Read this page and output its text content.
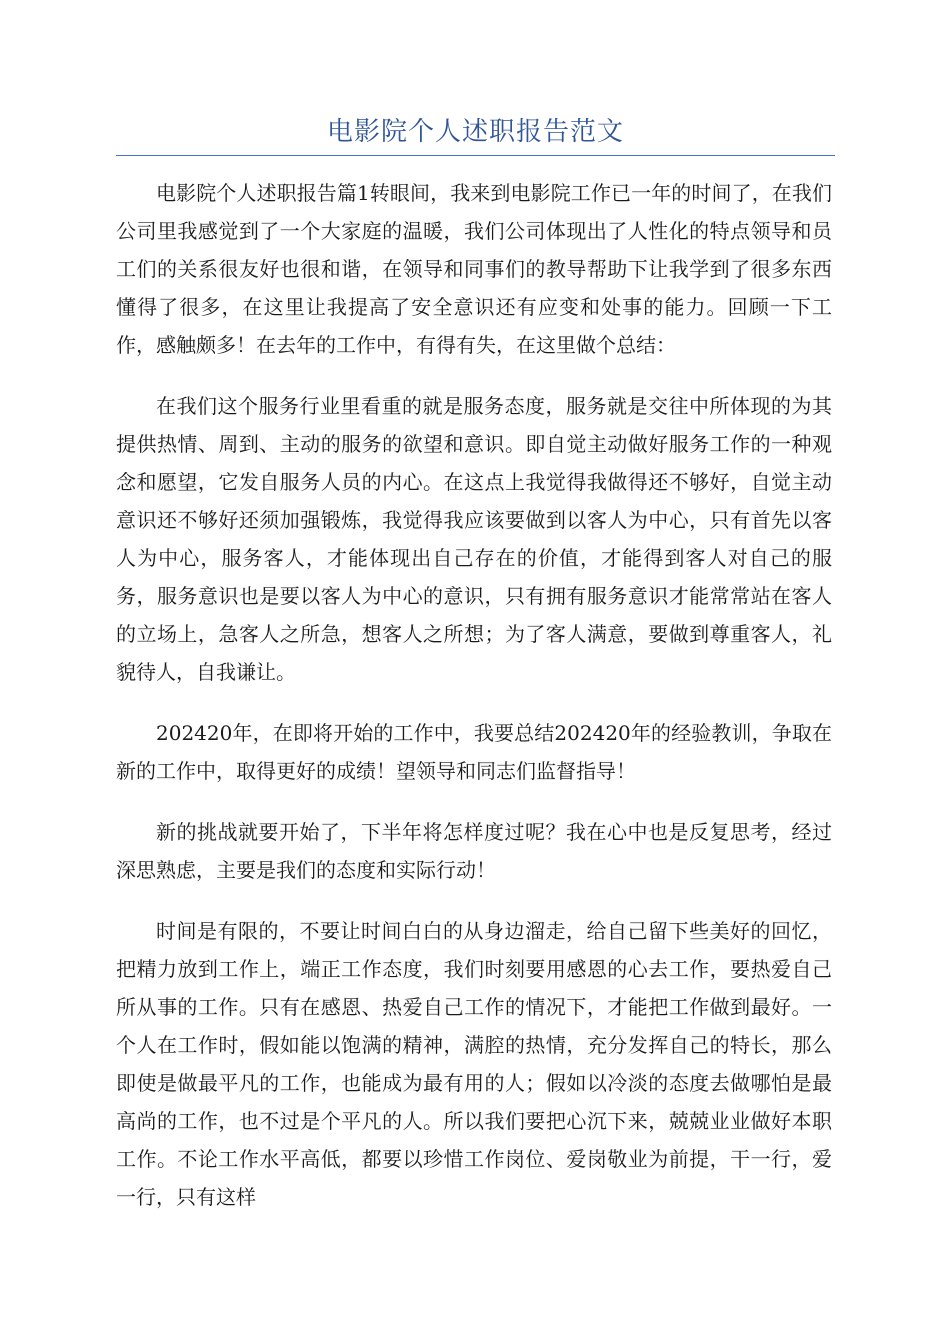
电影院个人述职报告范文

电影院个人述职报告篇1转眼间，我来到电影院工作已一年的时间了，在我们公司里我感觉到了一个大家庭的温暖，我们公司体现出了人性化的特点领导和员工们的关系很友好也很和谐，在领导和同事们的教导帮助下让我学到了很多东西懂得了很多，在这里让我提高了安全意识还有应变和处事的能力。回顾一下工作，感触颇多！在去年的工作中，有得有失，在这里做个总结：

在我们这个服务行业里看重的就是服务态度，服务就是交往中所体现的为其提供热情、周到、主动的服务的欲望和意识。即自觉主动做好服务工作的一种观念和愿望，它发自服务人员的内心。在这点上我觉得我做得还不够好，自觉主动意识还不够好还须加强锻炼，我觉得我应该要做到以客人为中心，只有首先以客人为中心，服务客人，才能体现出自己存在的价值，才能得到客人对自己的服务，服务意识也是要以客人为中心的意识，只有拥有服务意识才能常常站在客人的立场上，急客人之所急，想客人之所想；为了客人满意，要做到尊重客人，礼貌待人，自我谦让。

202420年，在即将开始的工作中，我要总结202420年的经验教训，争取在新的工作中，取得更好的成绩！望领导和同志们监督指导！

新的挑战就要开始了，下半年将怎样度过呢？我在心中也是反复思考，经过深思熟虑，主要是我们的态度和实际行动！

时间是有限的，不要让时间白白的从身边溜走，给自己留下些美好的回忆，把精力放到工作上，端正工作态度，我们时刻要用感恩的心去工作，要热爱自己所从事的工作。只有在感恩、热爱自己工作的情况下，才能把工作做到最好。一个人在工作时，假如能以饱满的精神，满腔的热情，充分发挥自己的特长，那么即使是做最平凡的工作，也能成为最有用的人；假如以冷淡的态度去做哪怕是最高尚的工作，也不过是个平凡的人。所以我们要把心沉下来，兢兢业业做好本职工作。不论工作水平高低，都要以珍惜工作岗位、爱岗敬业为前提，干一行，爱一行，只有这样
